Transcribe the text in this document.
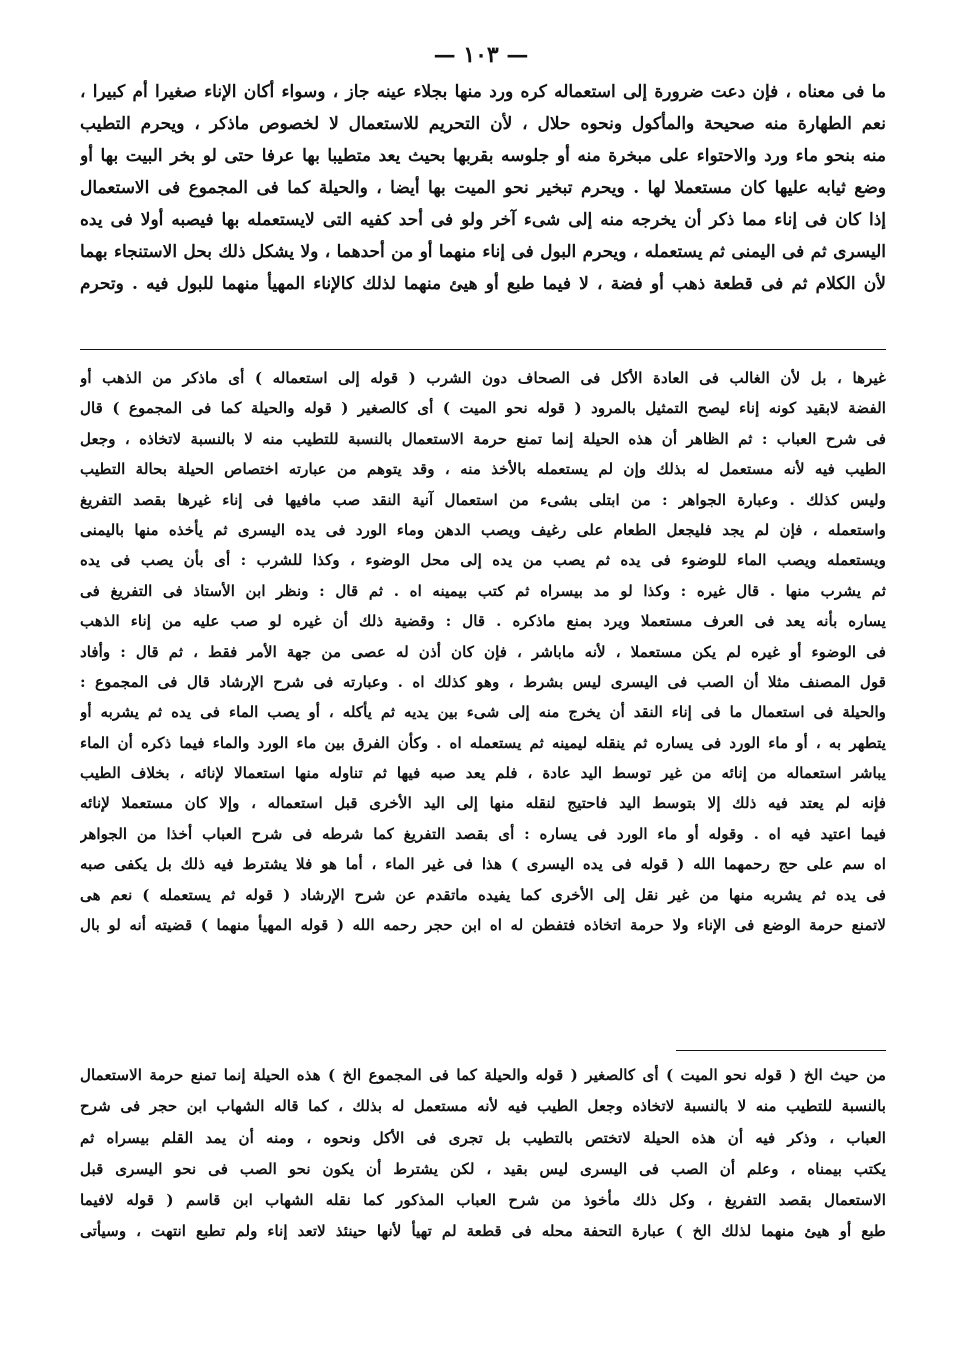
— ١٠٣ —
ما فى معناه ، فإن دعت ضرورة إلى استعماله كره ورد منها بجلاء عينه جاز ، وسواء أكان الإناء صغيرا أم كبيرا ،
نعم الطهارة منه صحيحة والمأكول ونحوه حلال ، لأن التحريم للاستعمال لا لخصوص ماذكر ، ويحرم التطيب
منه بنحو ماء ورد والاحتواء على مبخرة منه أو جلوسه بقربها بحيث يعد متطيبا بها عرفا حتى لو بخر البيت بها أو
وضع ثيابه عليها كان مستعملا لها . ويحرم تبخير نحو الميت بها أيضا ، والحيلة كما فى المجموع فى الاستعمال
إذا كان فى إناء مما ذكر أن يخرجه منه إلى شىء آخر ولو فى أحد كفيه التى لايستعمله بها فيصبه أولا فى يده
اليسرى ثم فى اليمنى ثم يستعمله ، ويحرم البول فى إناء منهما أو من أحدهما ، ولا يشكل ذلك بحل الاستنجاء بهما
لأن الكلام ثم فى قطعة ذهب أو فضة ، لا فيما طبع أو هيئ منهما لذلك كالإناء المهيأ منهما للبول فيه . وتحرم
غيرها ، بل لأن الغالب فى العادة الأكل فى الصحاف دون الشرب ( قوله إلى استعماله ) أى ماذكر من الذهب أو
الفضة لابقيد كونه إناء ليصح التمثيل بالمرود ( قوله نحو الميت ) أى كالصغير ( قوله والحيلة كما فى المجموع ) قال
فى شرح العباب : ثم الظاهر أن هذه الحيلة إنما تمنع حرمة الاستعمال بالنسبة للتطيب منه لا بالنسبة لاتخاذه ، وجعل
الطيب فيه لأنه مستعمل له بذلك وإن لم يستعمله بالأخذ منه ، وقد يتوهم من عبارته اختصاص الحيلة بحالة التطيب
وليس كذلك . وعبارة الجواهر : من ابتلى بشىء من استعمال آنية النقد صب مافيها فى إناء غيرها بقصد التفريغ
واستعمله ، فإن لم يجد فليجعل الطعام على رغيف ويصب الدهن وماء الورد فى يده اليسرى ثم يأخذه منها باليمنى
ويستعمله ويصب الماء للوضوء فى يده ثم يصب من يده إلى محل الوضوء ، وكذا للشرب : أى بأن يصب فى يده
ثم يشرب منها . قال غيره : وكذا لو مد بيسراه ثم كتب بيمينه اه . ثم قال : ونظر ابن الأستاذ فى التفريغ فى
يساره بأنه يعد فى العرف مستعملا ويرد بمنع ماذكره . قال : وقضية ذلك أن غيره لو صب عليه من إناء الذهب
فى الوضوء أو غيره لم يكن مستعملا ، لأنه ماباشر ، فإن كان أذن له عصى من جهة الأمر فقط ، ثم قال : وأفاد
قول المصنف مثلا أن الصب فى اليسرى ليس بشرط ، وهو كذلك اه . وعبارته فى شرح الإرشاد قال فى المجموع :
والحيلة فى استعمال ما فى إناء النقد أن يخرج منه إلى شىء بين يديه ثم يأكله ، أو يصب الماء فى يده ثم يشربه أو
يتطهر به ، أو ماء الورد فى يساره ثم ينقله ليمينه ثم يستعمله اه . وكأن الفرق بين ماء الورد والماء فيما ذكره أن الماء
يباشر استعماله من إنائه من غير توسط اليد عادة ، فلم يعد صبه فيها ثم تناوله منها استعمالا لإنائه ، بخلاف الطيب
فإنه لم يعتد فيه ذلك إلا بتوسط اليد فاحتيج لنقله منها إلى اليد الأخرى قبل استعماله ، وإلا كان مستعملا لإنائه
فيما اعتيد فيه اه . وقوله أو ماء الورد فى يساره : أى بقصد التفريغ كما شرطه فى شرح العباب أخذا من الجواهر
اه سم على حج رحمهما الله ( قوله فى يده اليسرى ) هذا فى غير الماء ، أما هو فلا يشترط فيه ذلك بل يكفى صبه
فى يده ثم يشربه منها من غير نقل إلى الأخرى كما يفيده ماتقدم عن شرح الإرشاد ( قوله ثم يستعمله ) نعم هى
لاتمنع حرمة الوضع فى الإناء ولا حرمة اتخاذه فتفطن له اه ابن حجر رحمه الله ( قوله المهيأ منهما ) قضيته أنه لو بال
من حيث الخ ( قوله نحو الميت ) أى كالصغير ( قوله والحيلة كما فى المجموع الخ ) هذه الحيلة إنما تمنع حرمة الاستعمال
بالنسبة للتطيب منه لا بالنسبة لاتخاذه وجعل الطيب فيه لأنه مستعمل له بذلك ، كما قاله الشهاب ابن حجر فى شرح
العباب ، وذكر فيه أن هذه الحيلة لاتختص بالتطيب بل تجرى فى الأكل ونحوه ، ومنه أن يمد القلم بيسراه ثم
يكتب بيمناه ، وعلم أن الصب فى اليسرى ليس بقيد ، لكن يشترط أن يكون نحو الصب فى نحو اليسرى قبل
الاستعمال بقصد التفريغ ، وكل ذلك مأخوذ من شرح العباب المذكور كما نقله الشهاب ابن قاسم ( قوله لافيما
طبع أو هيئ منهما لذلك الخ ) عبارة التحفة محله فى قطعة لم تهيأ لأنها حينئذ لاتعد إناء ولم تطبع انتهت ، وسيأتى
